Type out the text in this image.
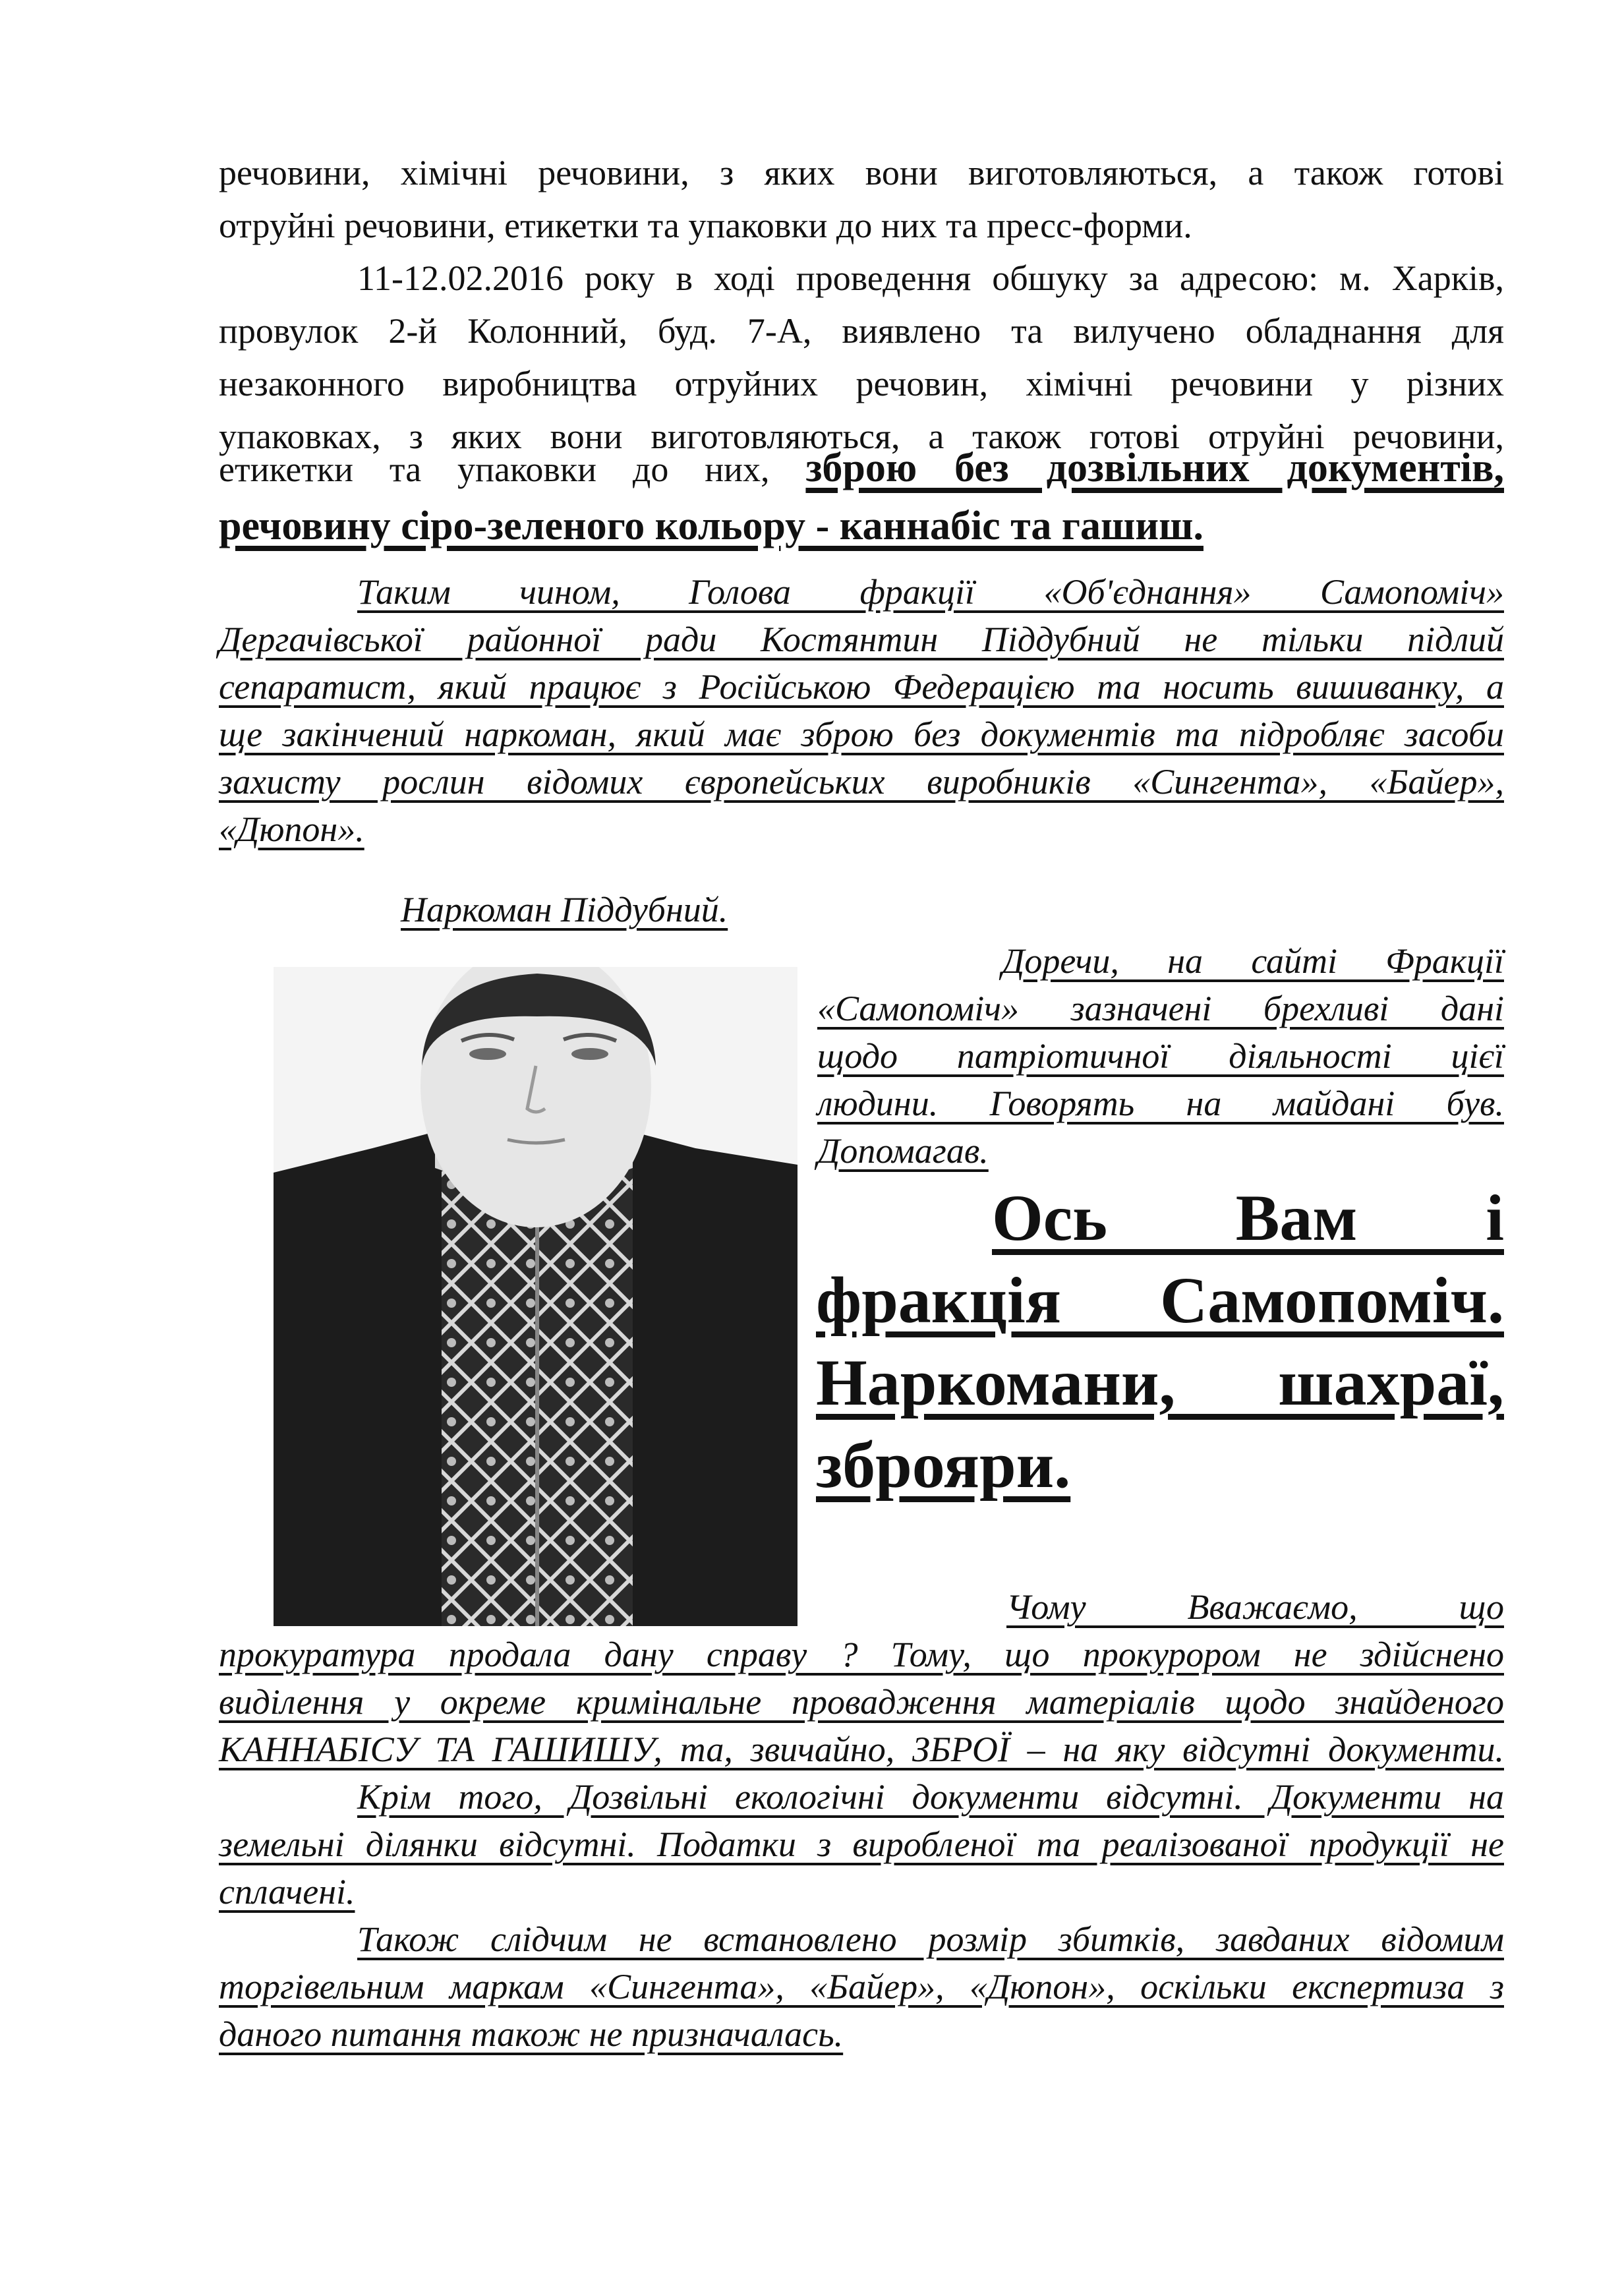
речовини, хімічні речовини, з яких вони виготовляються, а також готові
отруйні речовини, етикетки та упаковки до них та пресс-форми.
11-12.02.2016 року в ході проведення обшуку за адресою: м. Харків,
провулок 2-й Колонний, буд. 7-А, виявлено та вилучено обладнання для
незаконного виробництва отруйних речовин, хімічні речовини у різних
упаковках, з яких вони виготовляються, а також готові отруйні речовини,
етикетки та упаковки до них, зброю без дозвільних документів,
речовину сіро-зеленого кольору - каннабіс та гашиш.
Таким чином, Голова фракції «Об'єднання» Самопоміч»
Дергачівської районної ради Костянтин Піддубний не тільки підлий
сепаратист, який працює з Російською Федерацією та носить вишиванку, а
ще закінчений наркоман, який має зброю без документів та підробляє засоби
захисту рослин відомих європейських виробників «Сингента», «Байер»,
«Дюпон».
Наркоман Піддубний.
Доречи, на сайті Фракції
«Самопоміч» зазначені брехливі дані
щодо патріотичної діяльності цієї
людини. Говорять на майдані був.
Допомагав.
Ось Вам і
фракція Самопоміч.
Наркомани, шахраї,
зброяри.
Чому Вважаємо, що
прокуратура продала дану справу ? Тому, що прокурором не здійснено
виділення у окреме кримінальне провадження матеріалів щодо знайденого
КАННАБІСУ ТА ГАШИШУ, та, звичайно, ЗБРОЇ – на яку відсутні документи.
Крім того, Дозвільні екологічні документи відсутні. Документи на
земельні ділянки відсутні. Податки з виробленої та реалізованої продукції не
сплачені.
Також слідчим не встановлено розмір збитків, завданих відомим
торгівельним маркам «Сингента», «Байер», «Дюпон», оскільки експертиза з
даного питання також не призначалась.
